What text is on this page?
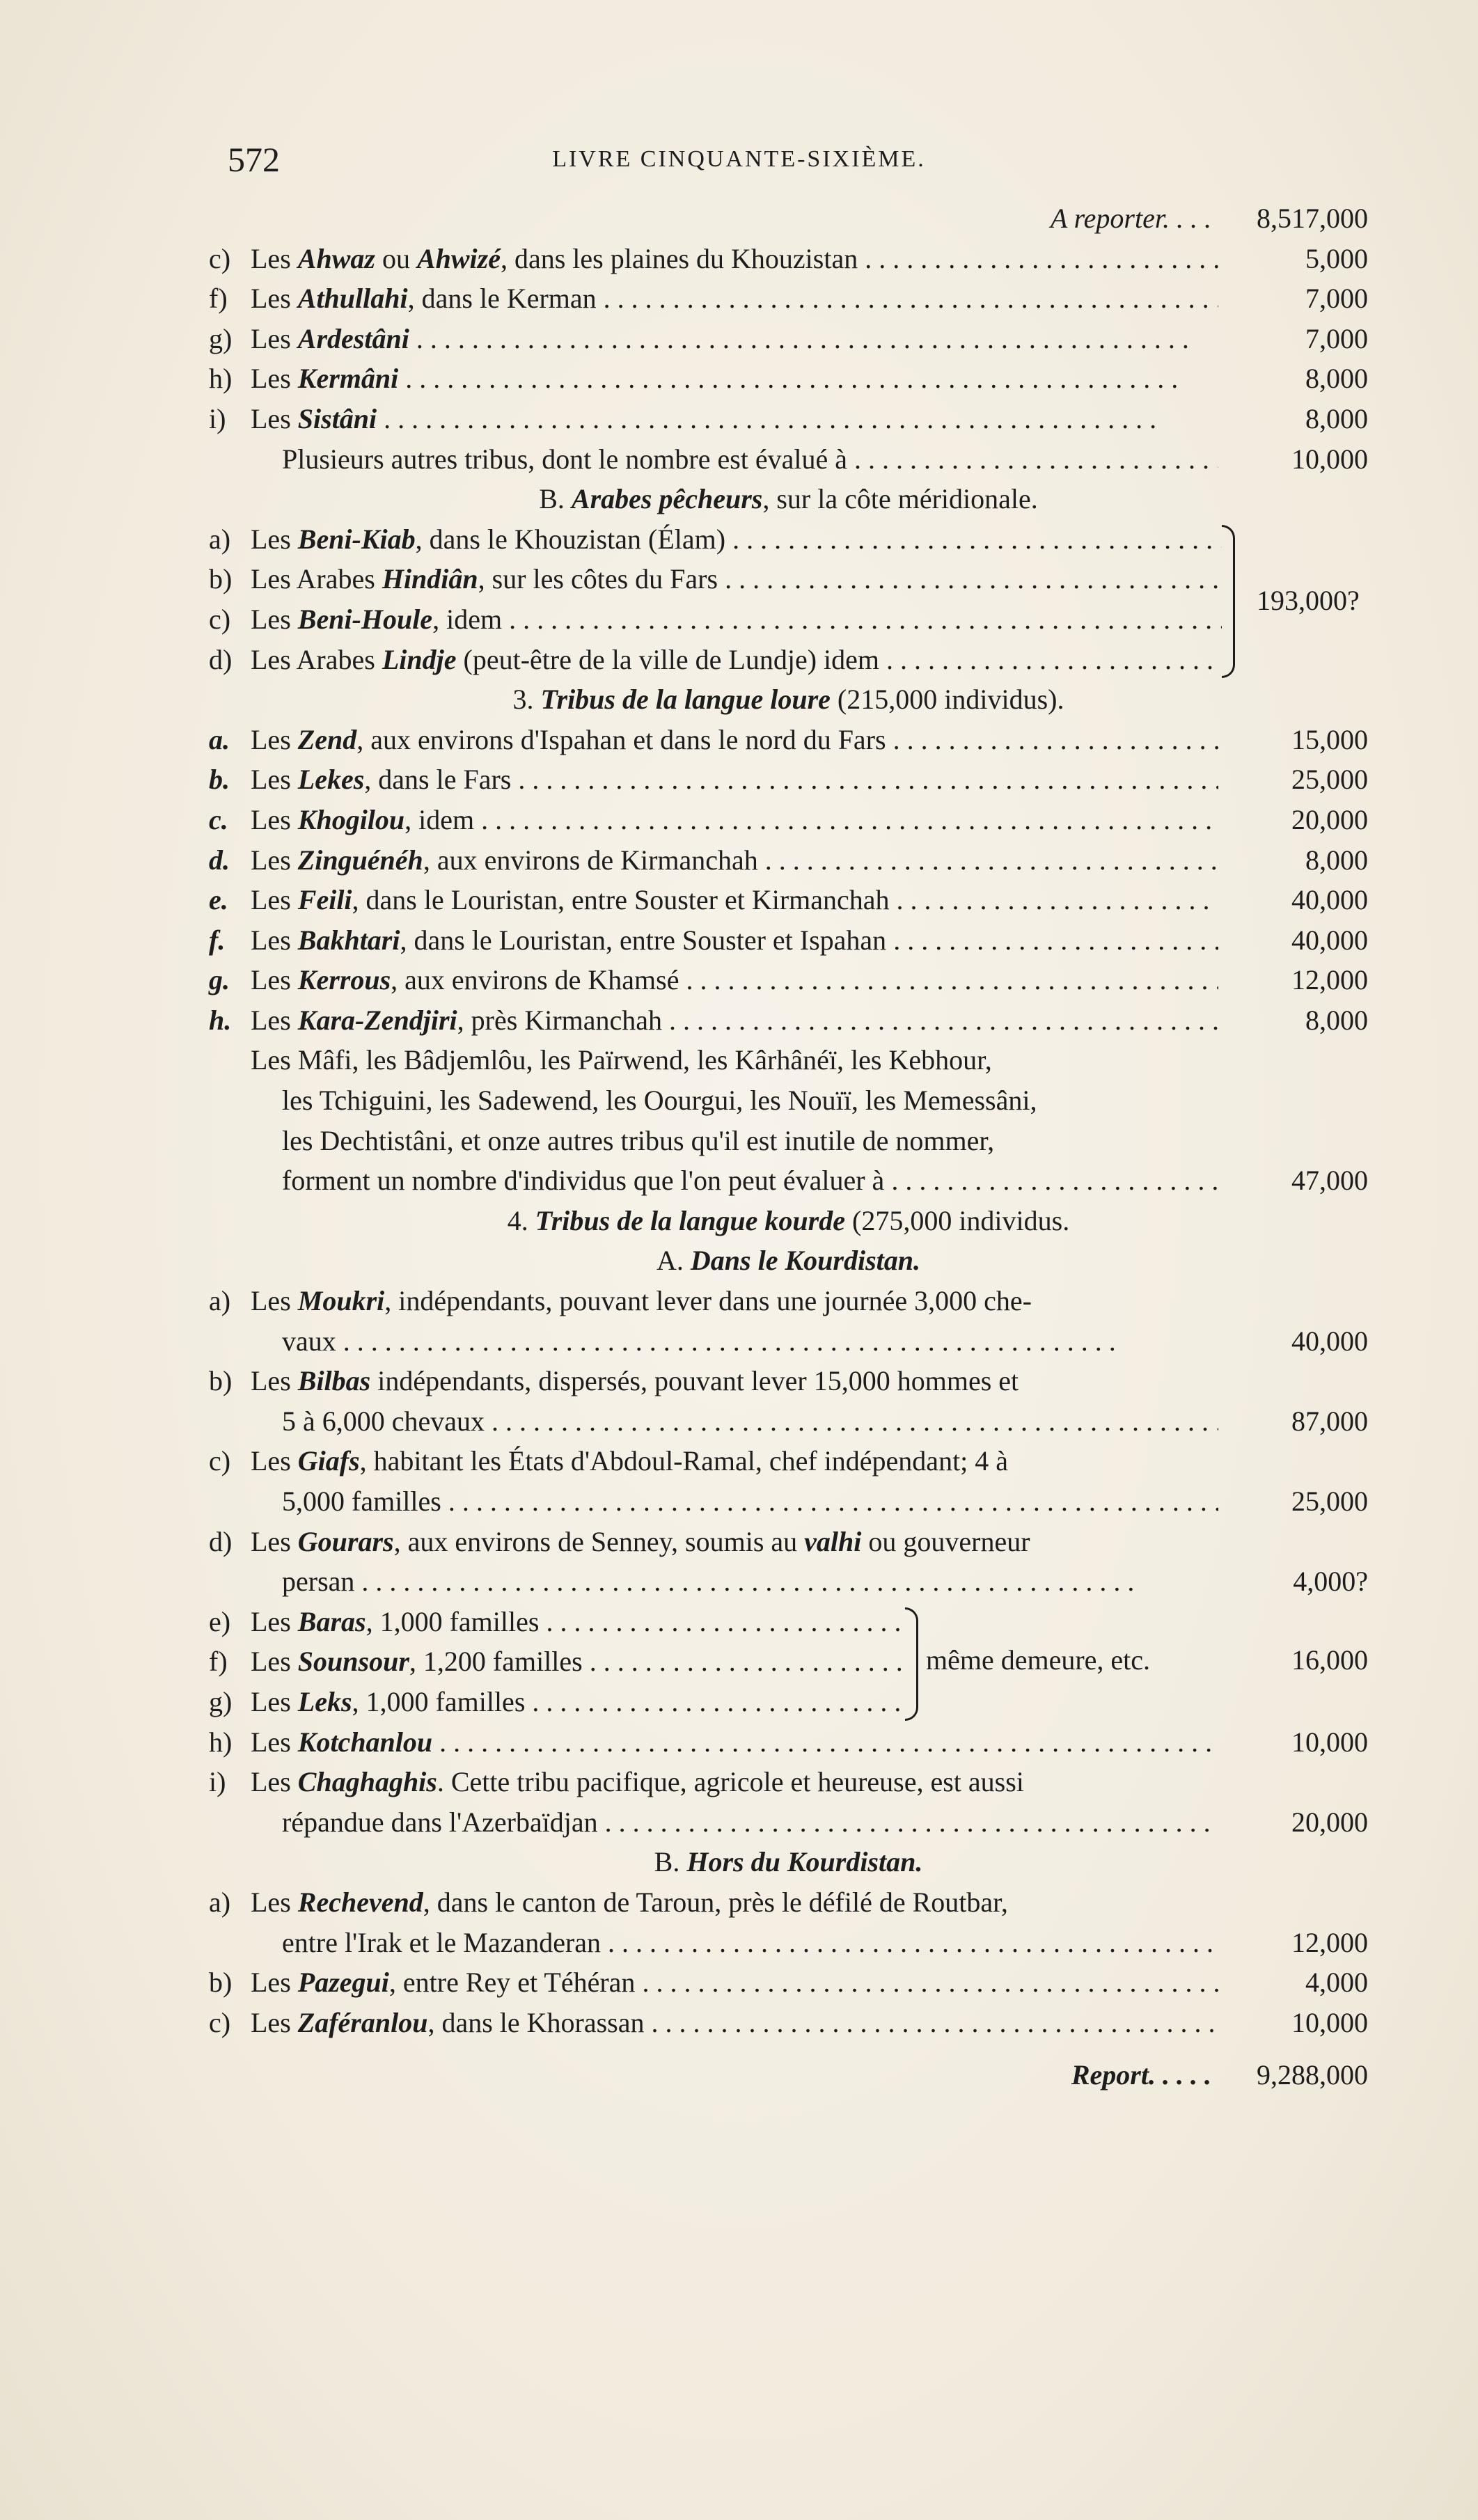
572	LIVRE CINQUANTE-SIXIÈME.
A reporter. . . .	8,517,000
c) Les Ahwaz ou Ahwizé, dans les plaines du Khouzistan . . .	5,000
f) Les Athullahi, dans le Kerman . . .	7,000
g) Les Ardestâni . . .	7,000
h) Les Kermâni . . .	8,000
i) Les Sistâni . . .	8,000
Plusieurs autres tribus, dont le nombre est évalué à . . .	10,000
B. Arabes pêcheurs, sur la côte méridionale.
a) Les Beni-Kiab, dans le Khouzistan (Élam) . . .
b) Les Arabes Hindiân, sur les côtes du Fars . . .
c) Les Beni-Houle, idem . . .
d) Les Arabes Lindje (peut-être de la ville de Lundje) idem . . .
193,000?
3. Tribus de la langue loure (215,000 individus).
a. Les Zend, aux environs d'Ispahan et dans le nord du Fars . . .	15,000
b. Les Lekes, dans le Fars . . .	25,000
c. Les Khogilou, idem . . .	20,000
d. Les Zinguénéh, aux environs de Kirmanchah . . .	8,000
e. Les Feili, dans le Louristan, entre Souster et Kirmanchah . . .	40,000
f. Les Bakhtari, dans le Louristan, entre Souster et Ispahan . . .	40,000
g. Les Kerrous, aux environs de Khamsé . . .	12,000
h. Les Kara-Zendjiri, près Kirmanchah . . .	8,000
Les Mâfi, les Bâdjemlôu, les Païrwend, les Kârhânéï, les Kebhour,
les Tchiguini, les Sadewend, les Oourgui, les Nouïï, les Memessâni,
les Dechtistâni, et onze autres tribus qu'il est inutile de nommer,
forment un nombre d'individus que l'on peut évaluer à . . .	47,000
4. Tribus de la langue kourde (275,000 individus.
A. Dans le Kourdistan.
a) Les Moukri, indépendants, pouvant lever dans une journée 3,000 che-
vaux . . .	40,000
b) Les Bilbas indépendants, dispersés, pouvant lever 15,000 hommes et
5 à 6,000 chevaux . . .	87,000
c) Les Giafs, habitant les États d'Abdoul-Ramal, chef indépendant; 4 à
5,000 familles . . .	25,000
d) Les Gourars, aux environs de Senney, soumis au valhi ou gouverneur
persan . . .	4,000?
e) Les Baras, 1,000 familles . . .
f) Les Sounsour, 1,200 familles . . .
g) Les Leks, 1,000 familles . . .
même demeure, etc.	16,000
h) Les Kotchanlou . . .	10,000
i) Les Chaghaghis. Cette tribu pacifique, agricole et heureuse, est aussi
répandue dans l'Azerbaïdjan . . .	20,000
B. Hors du Kourdistan.
a) Les Rechevend, dans le canton de Taroun, près le défilé de Routbar,
entre l'Irak et le Mazanderan . . .	12,000
b) Les Pazegui, entre Rey et Téhéran . . .	4,000
c) Les Zaféranlou, dans le Khorassan . . .	10,000
Report. . . . .	9,288,000
